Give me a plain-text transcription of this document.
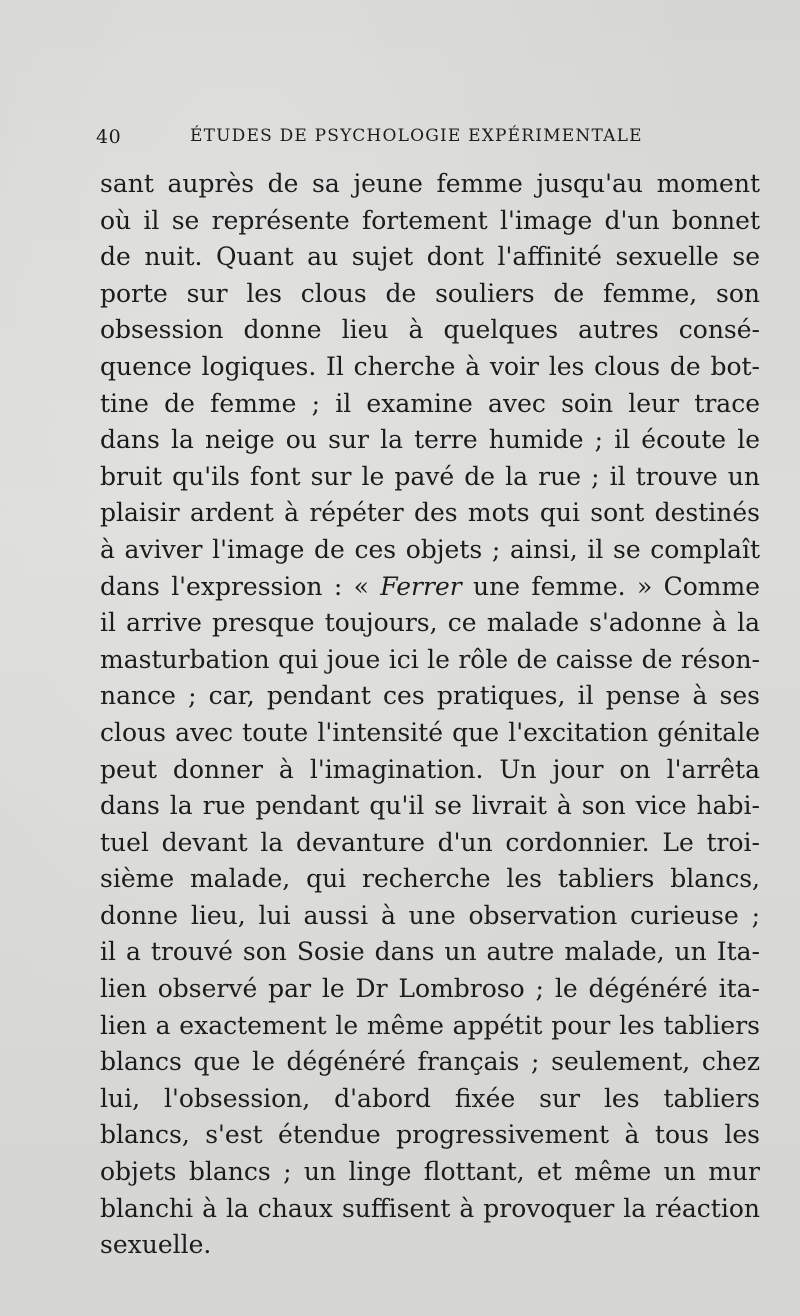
40	ÉTUDES DE PSYCHOLOGIE EXPÉRIMENTALE
sant auprès de sa jeune femme jusqu'au moment
où il se représente fortement l'image d'un bonnet
de nuit. Quant au sujet dont l'affinité sexuelle se
porte sur les clous de souliers de femme, son
obsession donne lieu à quelques autres consé-
quence logiques. Il cherche à voir les clous de bot-
tine de femme ; il examine avec soin leur trace
dans la neige ou sur la terre humide ; il écoute le
bruit qu'ils font sur le pavé de la rue ; il trouve un
plaisir ardent à répéter des mots qui sont destinés
à aviver l'image de ces objets ; ainsi, il se complaît
dans l'expression : « Ferrer une femme. » Comme
il arrive presque toujours, ce malade s'adonne à la
masturbation qui joue ici le rôle de caisse de réson-
nance ; car, pendant ces pratiques, il pense à ses
clous avec toute l'intensité que l'excitation génitale
peut donner à l'imagination. Un jour on l'arrêta
dans la rue pendant qu'il se livrait à son vice habi-
tuel devant la devanture d'un cordonnier. Le troi-
sième malade, qui recherche les tabliers blancs,
donne lieu, lui aussi à une observation curieuse ;
il a trouvé son Sosie dans un autre malade, un Ita-
lien observé par le Dr Lombroso ; le dégénéré ita-
lien a exactement le même appétit pour les tabliers
blancs que le dégénéré français ; seulement, chez
lui, l'obsession, d'abord fixée sur les tabliers
blancs, s'est étendue progressivement à tous les
objets blancs ; un linge flottant, et même un mur
blanchi à la chaux suffisent à provoquer la réaction
sexuelle.
